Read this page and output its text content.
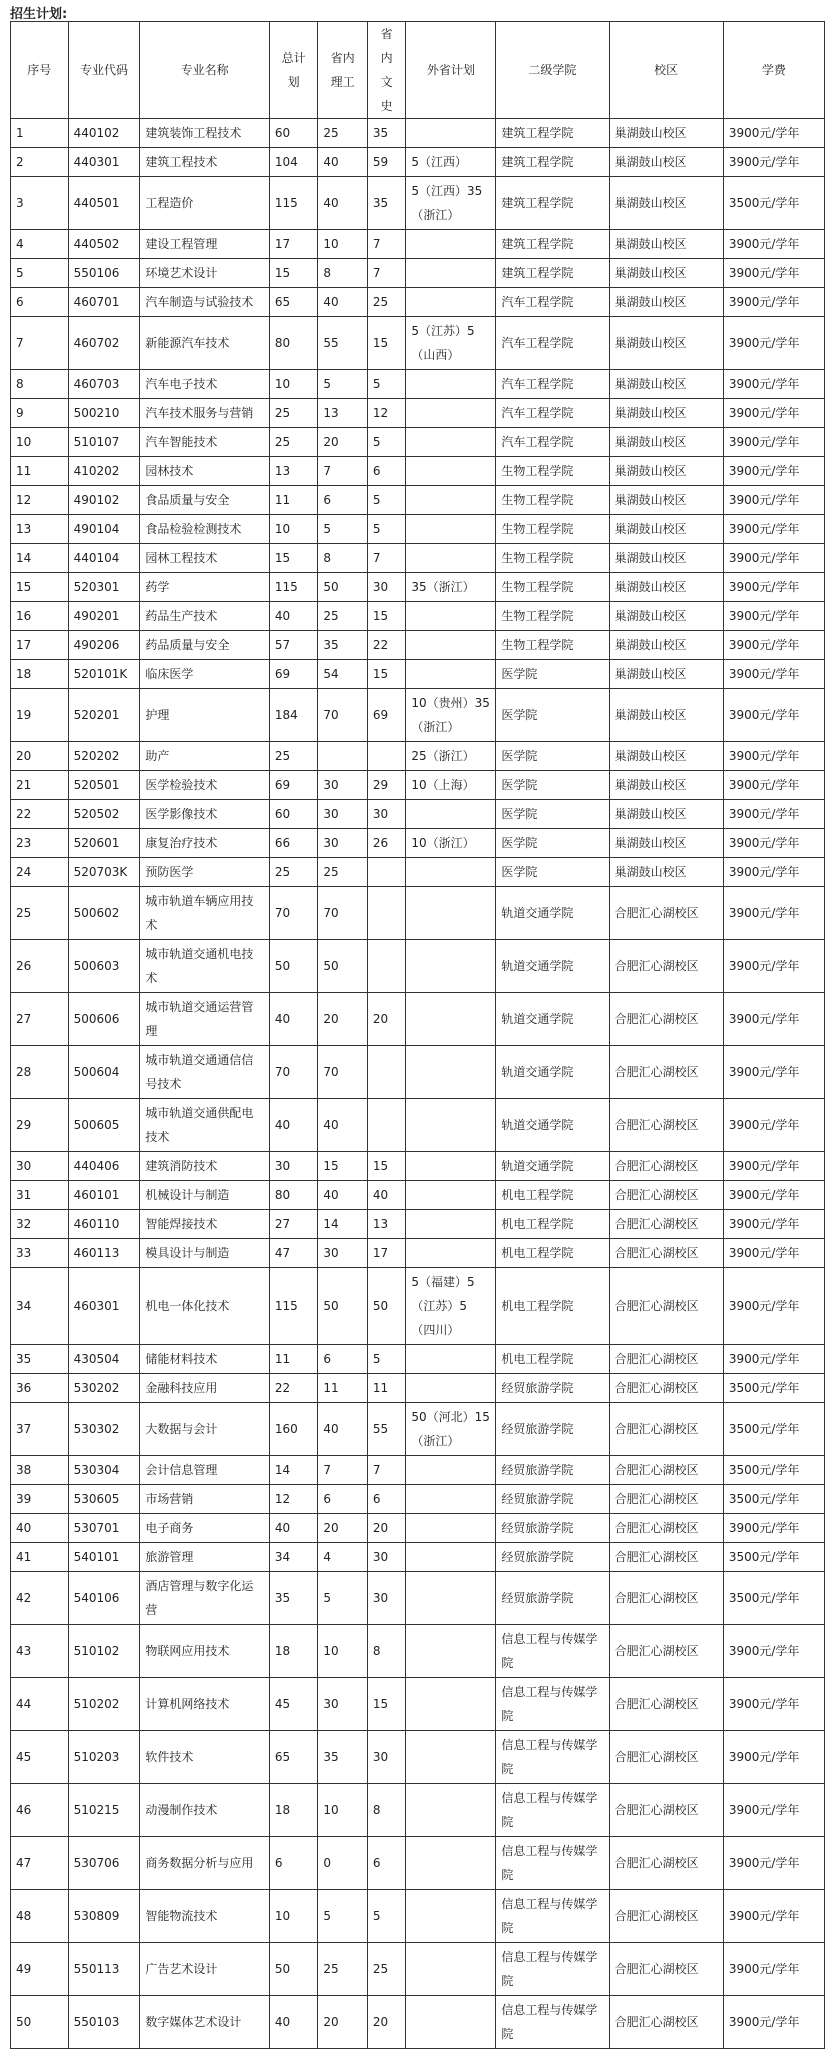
招生计划:
序号	专业代码	专业名称	总计划	省内理工	省内文史	外省计划	二级学院	校区	学费
1	440102	建筑装饰工程技术	60	25	35		建筑工程学院	巢湖鼓山校区	3900元/学年
2	440301	建筑工程技术	104	40	59	5（江西）	建筑工程学院	巢湖鼓山校区	3900元/学年
3	440501	工程造价	115	40	35	5（江西）35（浙江）	建筑工程学院	巢湖鼓山校区	3500元/学年
4	440502	建设工程管理	17	10	7		建筑工程学院	巢湖鼓山校区	3900元/学年
5	550106	环境艺术设计	15	8	7		建筑工程学院	巢湖鼓山校区	3900元/学年
6	460701	汽车制造与试验技术	65	40	25		汽车工程学院	巢湖鼓山校区	3900元/学年
7	460702	新能源汽车技术	80	55	15	5（江苏）5（山西）	汽车工程学院	巢湖鼓山校区	3900元/学年
8	460703	汽车电子技术	10	5	5		汽车工程学院	巢湖鼓山校区	3900元/学年
9	500210	汽车技术服务与营销	25	13	12		汽车工程学院	巢湖鼓山校区	3900元/学年
10	510107	汽车智能技术	25	20	5		汽车工程学院	巢湖鼓山校区	3900元/学年
11	410202	园林技术	13	7	6		生物工程学院	巢湖鼓山校区	3900元/学年
12	490102	食品质量与安全	11	6	5		生物工程学院	巢湖鼓山校区	3900元/学年
13	490104	食品检验检测技术	10	5	5		生物工程学院	巢湖鼓山校区	3900元/学年
14	440104	园林工程技术	15	8	7		生物工程学院	巢湖鼓山校区	3900元/学年
15	520301	药学	115	50	30	35（浙江）	生物工程学院	巢湖鼓山校区	3900元/学年
16	490201	药品生产技术	40	25	15		生物工程学院	巢湖鼓山校区	3900元/学年
17	490206	药品质量与安全	57	35	22		生物工程学院	巢湖鼓山校区	3900元/学年
18	520101K	临床医学	69	54	15		医学院	巢湖鼓山校区	3900元/学年
19	520201	护理	184	70	69	10（贵州）35（浙江）	医学院	巢湖鼓山校区	3900元/学年
20	520202	助产	25			25（浙江）	医学院	巢湖鼓山校区	3900元/学年
21	520501	医学检验技术	69	30	29	10（上海）	医学院	巢湖鼓山校区	3900元/学年
22	520502	医学影像技术	60	30	30		医学院	巢湖鼓山校区	3900元/学年
23	520601	康复治疗技术	66	30	26	10（浙江）	医学院	巢湖鼓山校区	3900元/学年
24	520703K	预防医学	25	25			医学院	巢湖鼓山校区	3900元/学年
25	500602	城市轨道车辆应用技术	70	70			轨道交通学院	合肥汇心湖校区	3900元/学年
26	500603	城市轨道交通机电技术	50	50			轨道交通学院	合肥汇心湖校区	3900元/学年
27	500606	城市轨道交通运营管理	40	20	20		轨道交通学院	合肥汇心湖校区	3900元/学年
28	500604	城市轨道交通通信信号技术	70	70			轨道交通学院	合肥汇心湖校区	3900元/学年
29	500605	城市轨道交通供配电技术	40	40			轨道交通学院	合肥汇心湖校区	3900元/学年
30	440406	建筑消防技术	30	15	15		轨道交通学院	合肥汇心湖校区	3900元/学年
31	460101	机械设计与制造	80	40	40		机电工程学院	合肥汇心湖校区	3900元/学年
32	460110	智能焊接技术	27	14	13		机电工程学院	合肥汇心湖校区	3900元/学年
33	460113	模具设计与制造	47	30	17		机电工程学院	合肥汇心湖校区	3900元/学年
34	460301	机电一体化技术	115	50	50	5（福建）5（江苏）5（四川）	机电工程学院	合肥汇心湖校区	3900元/学年
35	430504	储能材料技术	11	6	5		机电工程学院	合肥汇心湖校区	3900元/学年
36	530202	金融科技应用	22	11	11		经贸旅游学院	合肥汇心湖校区	3500元/学年
37	530302	大数据与会计	160	40	55	50（河北）15（浙江）	经贸旅游学院	合肥汇心湖校区	3500元/学年
38	530304	会计信息管理	14	7	7		经贸旅游学院	合肥汇心湖校区	3500元/学年
39	530605	市场营销	12	6	6		经贸旅游学院	合肥汇心湖校区	3500元/学年
40	530701	电子商务	40	20	20		经贸旅游学院	合肥汇心湖校区	3900元/学年
41	540101	旅游管理	34	4	30		经贸旅游学院	合肥汇心湖校区	3500元/学年
42	540106	酒店管理与数字化运营	35	5	30		经贸旅游学院	合肥汇心湖校区	3500元/学年
43	510102	物联网应用技术	18	10	8		信息工程与传媒学院	合肥汇心湖校区	3900元/学年
44	510202	计算机网络技术	45	30	15		信息工程与传媒学院	合肥汇心湖校区	3900元/学年
45	510203	软件技术	65	35	30		信息工程与传媒学院	合肥汇心湖校区	3900元/学年
46	510215	动漫制作技术	18	10	8		信息工程与传媒学院	合肥汇心湖校区	3900元/学年
47	530706	商务数据分析与应用	6	0	6		信息工程与传媒学院	合肥汇心湖校区	3900元/学年
48	530809	智能物流技术	10	5	5		信息工程与传媒学院	合肥汇心湖校区	3900元/学年
49	550113	广告艺术设计	50	25	25		信息工程与传媒学院	合肥汇心湖校区	3900元/学年
50	550103	数字媒体艺术设计	40	20	20		信息工程与传媒学院	合肥汇心湖校区	3900元/学年
